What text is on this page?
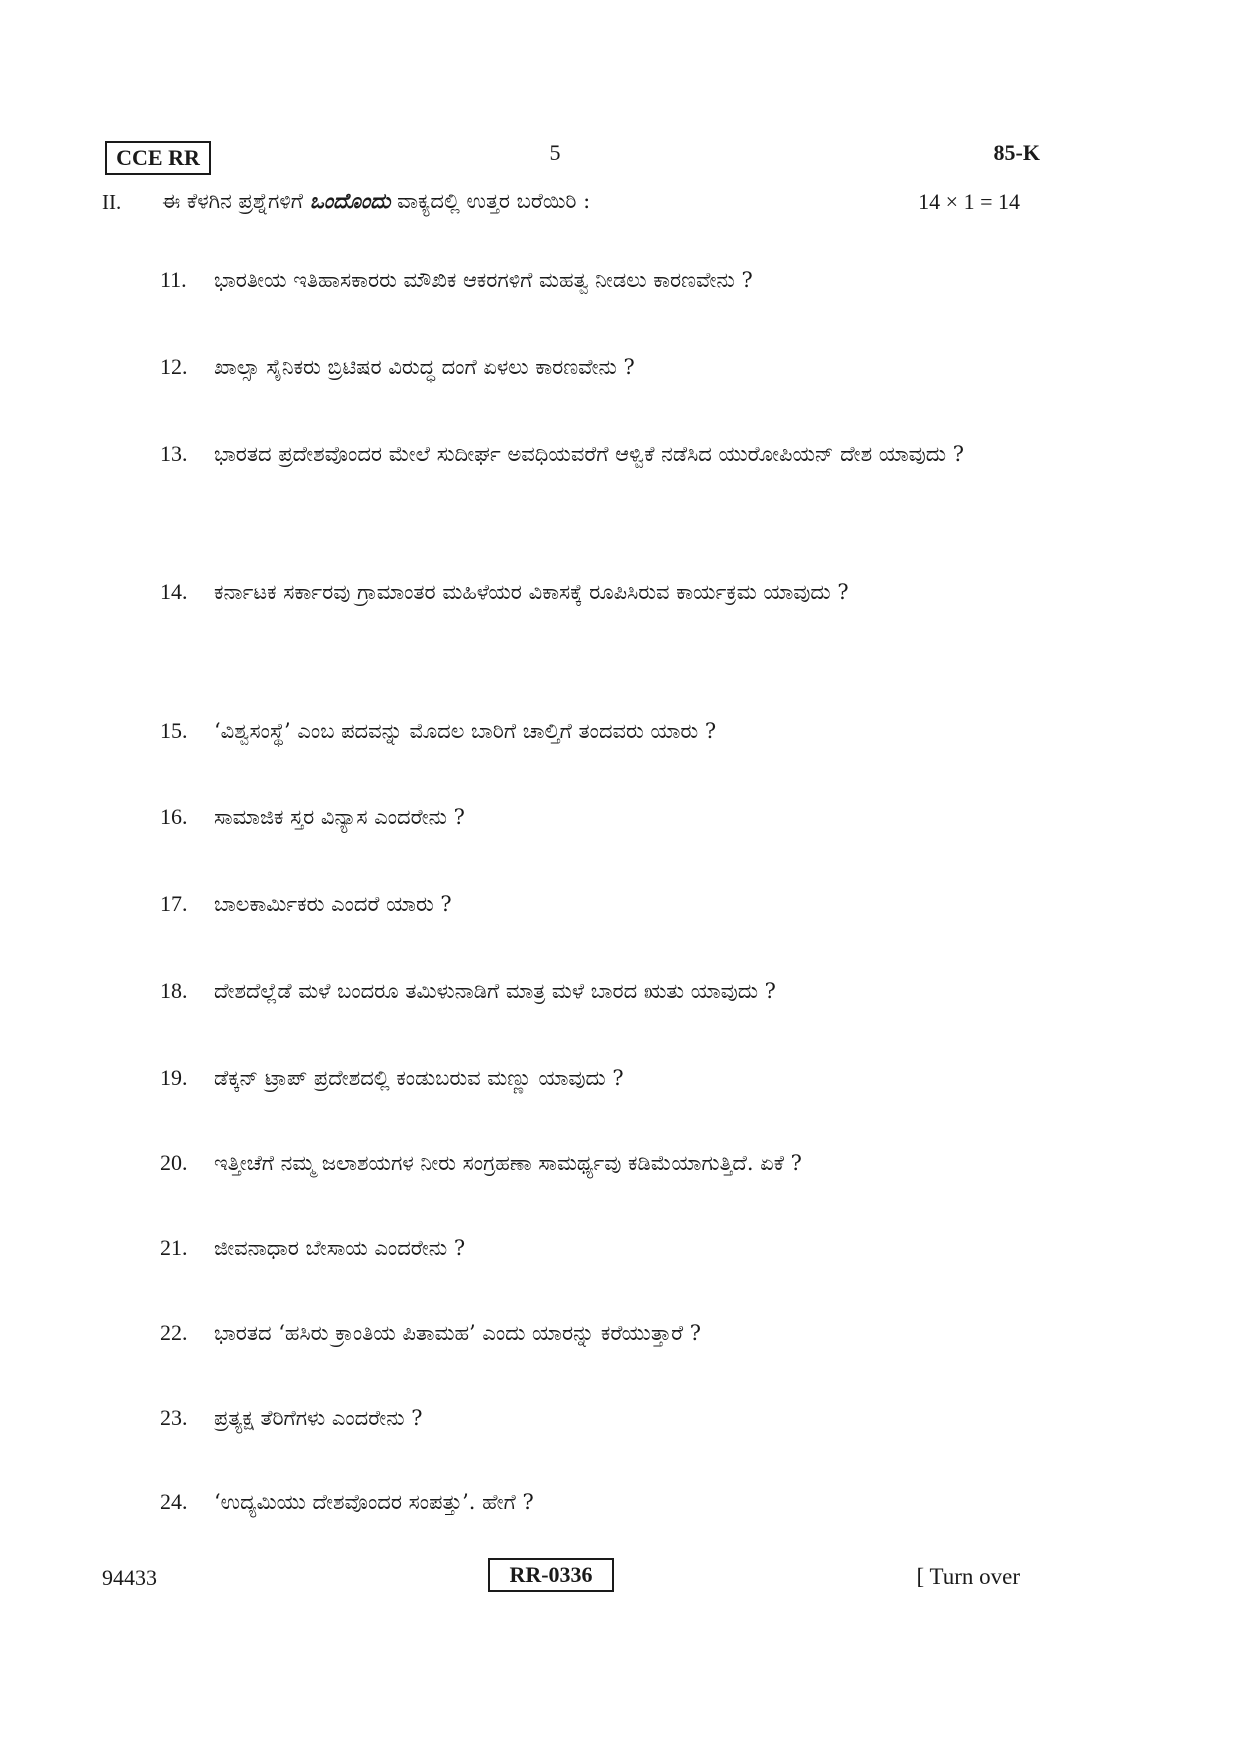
CCE RR	5	85-K
II. ಈ ಕೆಳಗಿನ ಪ್ರಶ್ನೆಗಳಿಗೆ ಒಂದೊಂದು ವಾಕ್ಯದಲ್ಲಿ ಉತ್ತರ ಬರೆಯಿರಿ :	14 × 1 = 14
11.	ಭಾರತೀಯ ಇತಿಹಾಸಕಾರರು ಮೌಖಿಕ ಆಕರಗಳಿಗೆ ಮಹತ್ವ ನೀಡಲು ಕಾರಣವೇನು ?
12.	ಖಾಲ್ಸಾ ಸೈನಿಕರು ಬ್ರಿಟಿಷರ ವಿರುದ್ಧ ದಂಗೆ ಏಳಲು ಕಾರಣವೇನು ?
13.	ಭಾರತದ ಪ್ರದೇಶವೊಂದರ ಮೇಲೆ ಸುದೀರ್ಘ ಅವಧಿಯವರೆಗೆ ಆಳ್ವಿಕೆ ನಡೆಸಿದ ಯುರೋಪಿಯನ್ ದೇಶ ಯಾವುದು ?
14.	ಕರ್ನಾಟಕ ಸರ್ಕಾರವು ಗ್ರಾಮಾಂತರ ಮಹಿಳೆಯರ ವಿಕಾಸಕ್ಕೆ ರೂಪಿಸಿರುವ ಕಾರ್ಯಕ್ರಮ ಯಾವುದು ?
15.	‘ವಿಶ್ವಸಂಸ್ಥೆ’ ಎಂಬ ಪದವನ್ನು ಮೊದಲ ಬಾರಿಗೆ ಚಾಲ್ತಿಗೆ ತಂದವರು ಯಾರು ?
16.	ಸಾಮಾಜಿಕ ಸ್ತರ ವಿನ್ಯಾಸ ಎಂದರೇನು ?
17.	ಬಾಲಕಾರ್ಮಿಕರು ಎಂದರೆ ಯಾರು ?
18.	ದೇಶದೆಲ್ಲೆಡೆ ಮಳೆ ಬಂದರೂ ತಮಿಳುನಾಡಿಗೆ ಮಾತ್ರ ಮಳೆ ಬಾರದ ಋತು ಯಾವುದು ?
19.	ಡೆಕ್ಕನ್ ಟ್ರಾಪ್ ಪ್ರದೇಶದಲ್ಲಿ ಕಂಡುಬರುವ ಮಣ್ಣು ಯಾವುದು ?
20.	ಇತ್ತೀಚೆಗೆ ನಮ್ಮ ಜಲಾಶಯಗಳ ನೀರು ಸಂಗ್ರಹಣಾ ಸಾಮರ್ಥ್ಯವು ಕಡಿಮೆಯಾಗುತ್ತಿದೆ. ಏಕೆ ?
21.	ಜೀವನಾಧಾರ ಬೇಸಾಯ ಎಂದರೇನು ?
22.	ಭಾರತದ ‘ಹಸಿರು ಕ್ರಾಂತಿಯ ಪಿತಾಮಹ’ ಎಂದು ಯಾರನ್ನು ಕರೆಯುತ್ತಾರೆ ?
23.	ಪ್ರತ್ಯಕ್ಷ ತೆರಿಗೆಗಳು ಎಂದರೇನು ?
24.	‘ಉದ್ಯಮಿಯು ದೇಶವೊಂದರ ಸಂಪತ್ತು’. ಹೇಗೆ ?
94433	RR-0336	[ Turn over
